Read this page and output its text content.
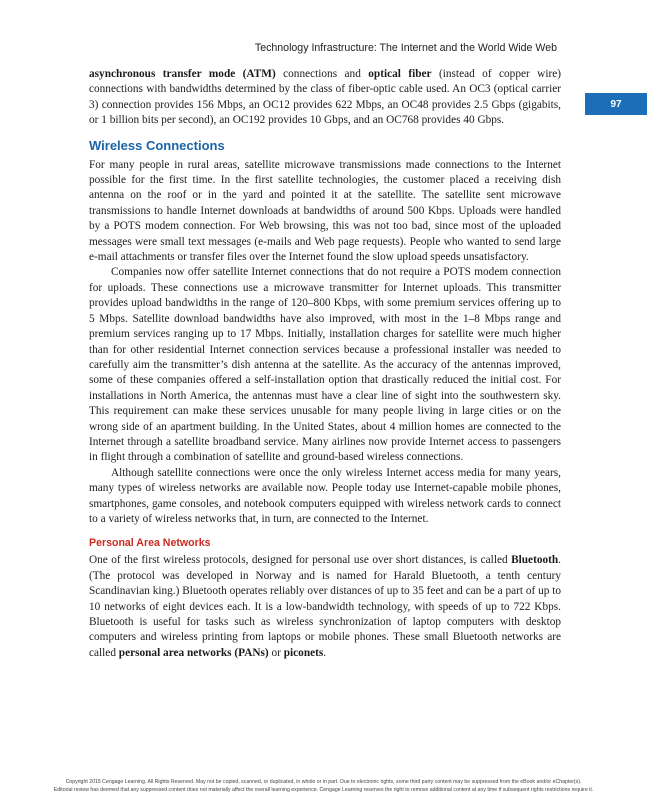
Technology Infrastructure: The Internet and the World Wide Web
97

asynchronous transfer mode (ATM) connections and optical fiber (instead of copper wire) connections with bandwidths determined by the class of fiber-optic cable used. An OC3 (optical carrier 3) connection provides 156 Mbps, an OC12 provides 622 Mbps, an OC48 provides 2.5 Gbps (gigabits, or 1 billion bits per second), an OC192 provides 10 Gbps, and an OC768 provides 40 Gbps.

Wireless Connections

For many people in rural areas, satellite microwave transmissions made connections to the Internet possible for the first time. In the first satellite technologies, the customer placed a receiving dish antenna on the roof or in the yard and pointed it at the satellite. The satellite sent microwave transmissions to handle Internet downloads at bandwidths of around 500 Kbps. Uploads were handled by a POTS modem connection. For Web browsing, this was not too bad, since most of the uploaded messages were small text messages (e-mails and Web page requests). People who wanted to send large e-mail attachments or transfer files over the Internet found the slow upload speeds unsatisfactory.

Companies now offer satellite Internet connections that do not require a POTS modem connection for uploads. These connections use a microwave transmitter for Internet uploads. This transmitter provides upload bandwidths in the range of 120–800 Kbps, with some premium services offering up to 5 Mbps. Satellite download bandwidths have also improved, with most in the 1–8 Mbps range and premium services ranging up to 17 Mbps. Initially, installation charges for satellite were much higher than for other residential Internet connection services because a professional installer was needed to carefully aim the transmitter’s dish antenna at the satellite. As the accuracy of the antennas improved, some of these companies offered a self-installation option that drastically reduced the initial cost. For installations in North America, the antennas must have a clear line of sight into the southwestern sky. This requirement can make these services unusable for many people living in large cities or on the wrong side of an apartment building. In the United States, about 4 million homes are connected to the Internet through a satellite broadband service. Many airlines now provide Internet access to passengers in flight through a combination of satellite and ground-based wireless connections.

Although satellite connections were once the only wireless Internet access media for many years, many types of wireless networks are available now. People today use Internet-capable mobile phones, smartphones, game consoles, and notebook computers equipped with wireless network cards to connect to a variety of wireless networks that, in turn, are connected to the Internet.

Personal Area Networks

One of the first wireless protocols, designed for personal use over short distances, is called Bluetooth. (The protocol was developed in Norway and is named for Harald Bluetooth, a tenth century Scandinavian king.) Bluetooth operates reliably over distances of up to 35 feet and can be a part of up to 10 networks of eight devices each. It is a low-bandwidth technology, with speeds of up to 722 Kbps. Bluetooth is useful for tasks such as wireless synchronization of laptop computers with desktop computers and wireless printing from laptops or mobile phones. These small Bluetooth networks are called personal area networks (PANs) or piconets.

Copyright 2015 Cengage Learning. All Rights Reserved. May not be copied, scanned, or duplicated, in whole or in part. Due to electronic rights, some third party content may be suppressed from the eBook and/or eChapter(s).
Editorial review has deemed that any suppressed content does not materially affect the overall learning experience. Cengage Learning reserves the right to remove additional content at any time if subsequent rights restrictions require it.
